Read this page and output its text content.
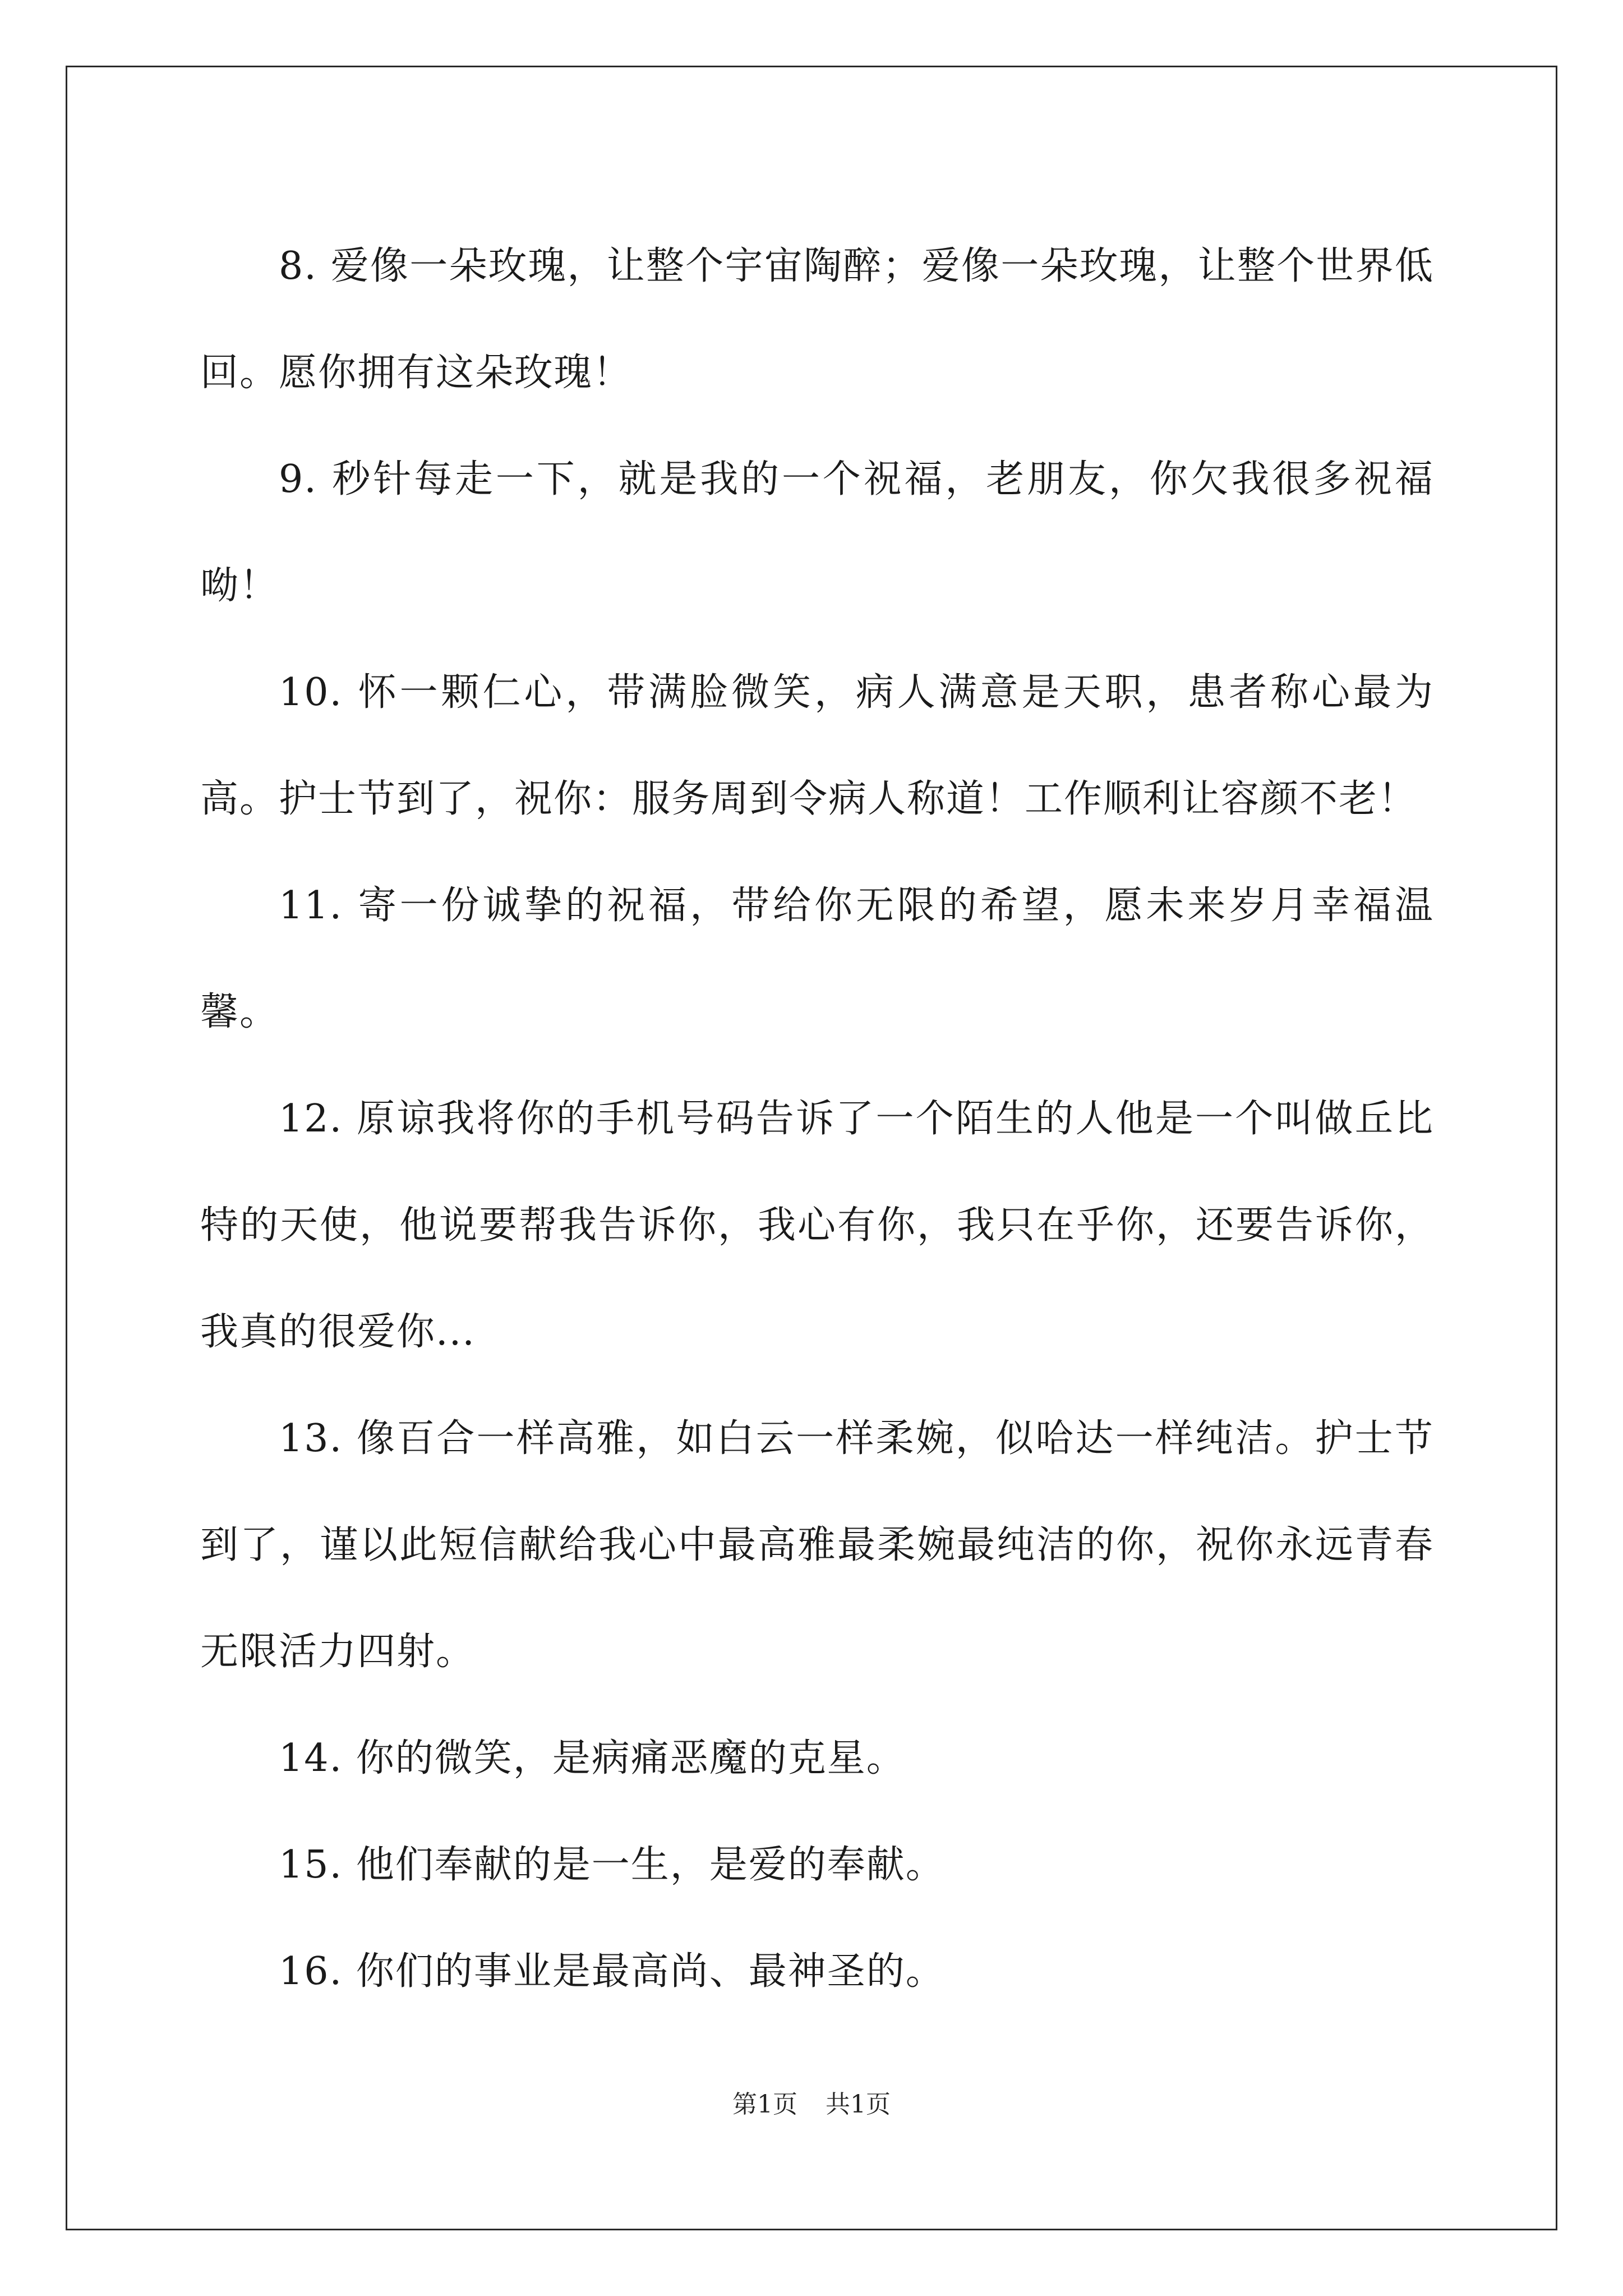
8. 爱像一朵玫瑰，让整个宇宙陶醉；爱像一朵玫瑰，让整个世界低回。愿你拥有这朵玫瑰！

9. 秒针每走一下，就是我的一个祝福，老朋友，你欠我很多祝福呦！

10. 怀一颗仁心，带满脸微笑，病人满意是天职，患者称心最为高。护士节到了，祝你：服务周到令病人称道！工作顺利让容颜不老！

11. 寄一份诚挚的祝福，带给你无限的希望，愿未来岁月幸福温馨。

12. 原谅我将你的手机号码告诉了一个陌生的人他是一个叫做丘比特的天使，他说要帮我告诉你，我心有你，我只在乎你，还要告诉你，我真的很爱你...

13. 像百合一样高雅，如白云一样柔婉，似哈达一样纯洁。护士节到了，谨以此短信献给我心中最高雅最柔婉最纯洁的你，祝你永远青春无限活力四射。

14. 你的微笑，是病痛恶魔的克星。

15. 他们奉献的是一生，是爱的奉献。

16. 你们的事业是最高尚、最神圣的。

第1页 共1页
